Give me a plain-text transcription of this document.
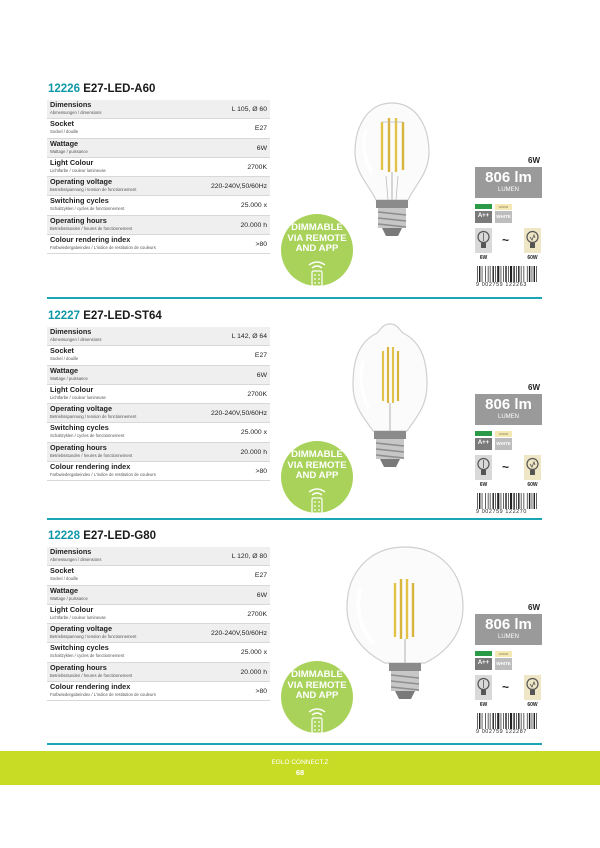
12226 E27-LED-A60
Dimensions
Abmessungen / dimensions	L 105, Ø 60
Socket
Sockel / douille	E27
Wattage
Wattage / puissance	6W
Light Colour
Lichtfarbe / couleur lumineuse	2700K
Operating voltage
Betriebsspannung / tension de fonctionnement	220-240V,50/60Hz
Switching cycles
Schaltzyklen / cycles de fonctionnement	25.000 x
Operating hours
Betriebsstunden / heures de fonctionnement	20.000 h
Colour rendering index
Farbwiedergabeindex / L'indice de restitution de couleurs	>80
DIMMABLE
VIA REMOTE
AND APP
6W
806 lm
LUMEN
A++
WARM
WHITE
~
6W	60W
9 002759 122263
12227 E27-LED-ST64
Dimensions
Abmessungen / dimensions	L 142, Ø 64
Socket
Sockel / douille	E27
Wattage
Wattage / puissance	6W
Light Colour
Lichtfarbe / couleur lumineuse	2700K
Operating voltage
Betriebsspannung / tension de fonctionnement	220-240V,50/60Hz
Switching cycles
Schaltzyklen / cycles de fonctionnement	25.000 x
Operating hours
Betriebsstunden / heures de fonctionnement	20.000 h
Colour rendering index
Farbwiedergabeindex / L'indice de restitution de couleurs	>80
DIMMABLE
VIA REMOTE
AND APP
6W
806 lm
LUMEN
A++
WARM
WHITE
~
6W	60W
9 002759 122270
12228 E27-LED-G80
Dimensions
Abmessungen / dimensions	L 120, Ø 80
Socket
Sockel / douille	E27
Wattage
Wattage / puissance	6W
Light Colour
Lichtfarbe / couleur lumineuse	2700K
Operating voltage
Betriebsspannung / tension de fonctionnement	220-240V,50/60Hz
Switching cycles
Schaltzyklen / cycles de fonctionnement	25.000 x
Operating hours
Betriebsstunden / heures de fonctionnement	20.000 h
Colour rendering index
Farbwiedergabeindex / L'indice de restitution de couleurs	>80
DIMMABLE
VIA REMOTE
AND APP
6W
806 lm
LUMEN
A++
WARM
WHITE
~
6W	60W
9 002759 122287
EGLO CONNECT.Z
68
